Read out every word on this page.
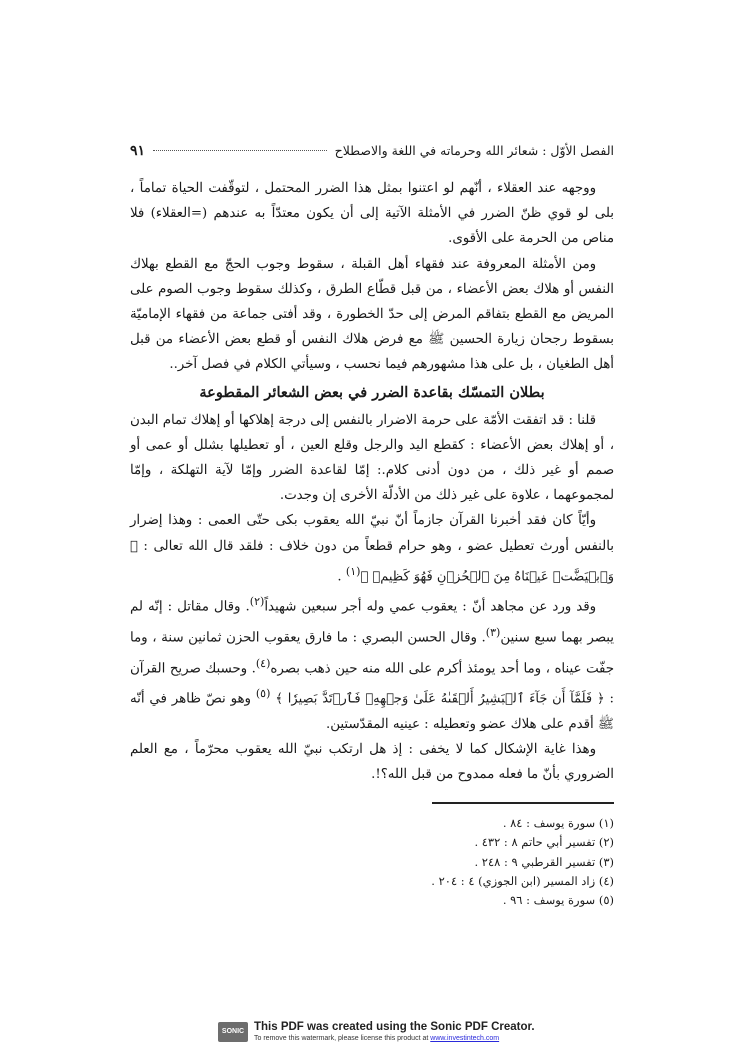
الفصل الأوّل : شعائر الله وحرماته في اللغة والاصطلاح
٩١

ووجهه عند العقلاء ، أنّهم لو اعتنوا بمثل هذا الضرر المحتمل ، لتوقّفت الحياة تماماً ، بلى لو قوي ظنّ الضرر في الأمثلة الآتية إلى أن يكون معتدّاً به عندهم (=العقلاء) فلا مناص من الحرمة على الأقوى.

ومن الأمثلة المعروفة عند فقهاء أهل القبلة ، سقوط وجوب الحجّ مع القطع بهلاك النفس أو هلاك بعض الأعضاء ، من قبل قطّاع الطرق ، وكذلك سقوط وجوب الصوم على المريض مع القطع بتفاقم المرض إلى حدّ الخطورة ، وقد أفتى جماعة من فقهاء الإماميّة بسقوط رجحان زيارة الحسين ﷺ مع فرض هلاك النفس أو قطع بعض الأعضاء من قبل أهل الطغيان ، بل على هذا مشهورهم فيما نحسب ، وسيأتي الكلام في فصل آخر..

بطلان التمسّك بقاعدة الضرر في بعض الشعائر المقطوعة

قلنا : قد اتفقت الأمّة على حرمة الاضرار بالنفس إلى درجة إهلاكها أو إهلاك تمام البدن ، أو إهلاك بعض الأعضاء : كقطع اليد والرجل وقلع العين ، أو تعطيلها بشلل أو عمى أو صمم أو غير ذلك ، من دون أدنى كلام.: إمّا لقاعدة الضرر وإمّا لآية التهلكة ، وإمّا لمجموعهما ، علاوة على غير ذلك من الأدلّة الأخرى إن وجدت.

وأيّاً كان فقد أخبرنا القرآن جازماً أنّ نبيّ الله يعقوب بكى حتّى العمى : وهذا إضرار بالنفس أورث تعطيل عضو ، وهو حرام قطعاً من دون خلاف : فلقد قال الله تعالى : ﴿ وَٱبۡيَضَّتۡ عَيۡنَاهُ مِنَ ٱلۡحُزۡنِ فَهُوَ كَظِيمٞ ﴾$^{(١)}$ .

وقد ورد عن مجاهد أنّ : يعقوب عمي وله أجر سبعين شهيداً$^{(٢)}$. وقال مقاتل : إنّه لم يبصر بهما سبع سنين$^{(٣)}$. وقال الحسن البصري : ما فارق يعقوب الحزن ثمانين سنة ، وما جفّت عيناه ، وما أحد يومئذ أكرم على الله منه حين ذهب بصره$^{(٤)}$. وحسبك صريح القرآن : ﴿ فَلَمَّآ أَن جَآءَ ٱلۡبَشِيرُ أَلۡقَىٰهُ عَلَىٰ وَجۡهِهِۦ فَٱرۡتَدَّ بَصِيرٗا ﴾ $^{(٥)}$ وهو نصّ ظاهر في أنّه ﷺ أقدم على هلاك عضو وتعطيله : عينيه المقدّستين.

وهذا غاية الإشكال كما لا يخفى : إذ هل ارتكب نبيّ الله يعقوب محرّماً ، مع العلم الضروري بأنّ ما فعله ممدوح من قبل الله؟!.

(١) سورة يوسف : ٨٤ .
(٢) تفسير أبي حاتم ٨ : ٤٣٢ .
(٣) تفسير القرطبي ٩ : ٢٤٨ .
(٤) زاد المسير (ابن الجوزي) ٤ : ٢٠٤ .
(٥) سورة يوسف : ٩٦ .
SONIC PDF
This PDF was created using the Sonic PDF Creator.
To remove this watermark, please license this product at www.investintech.com
